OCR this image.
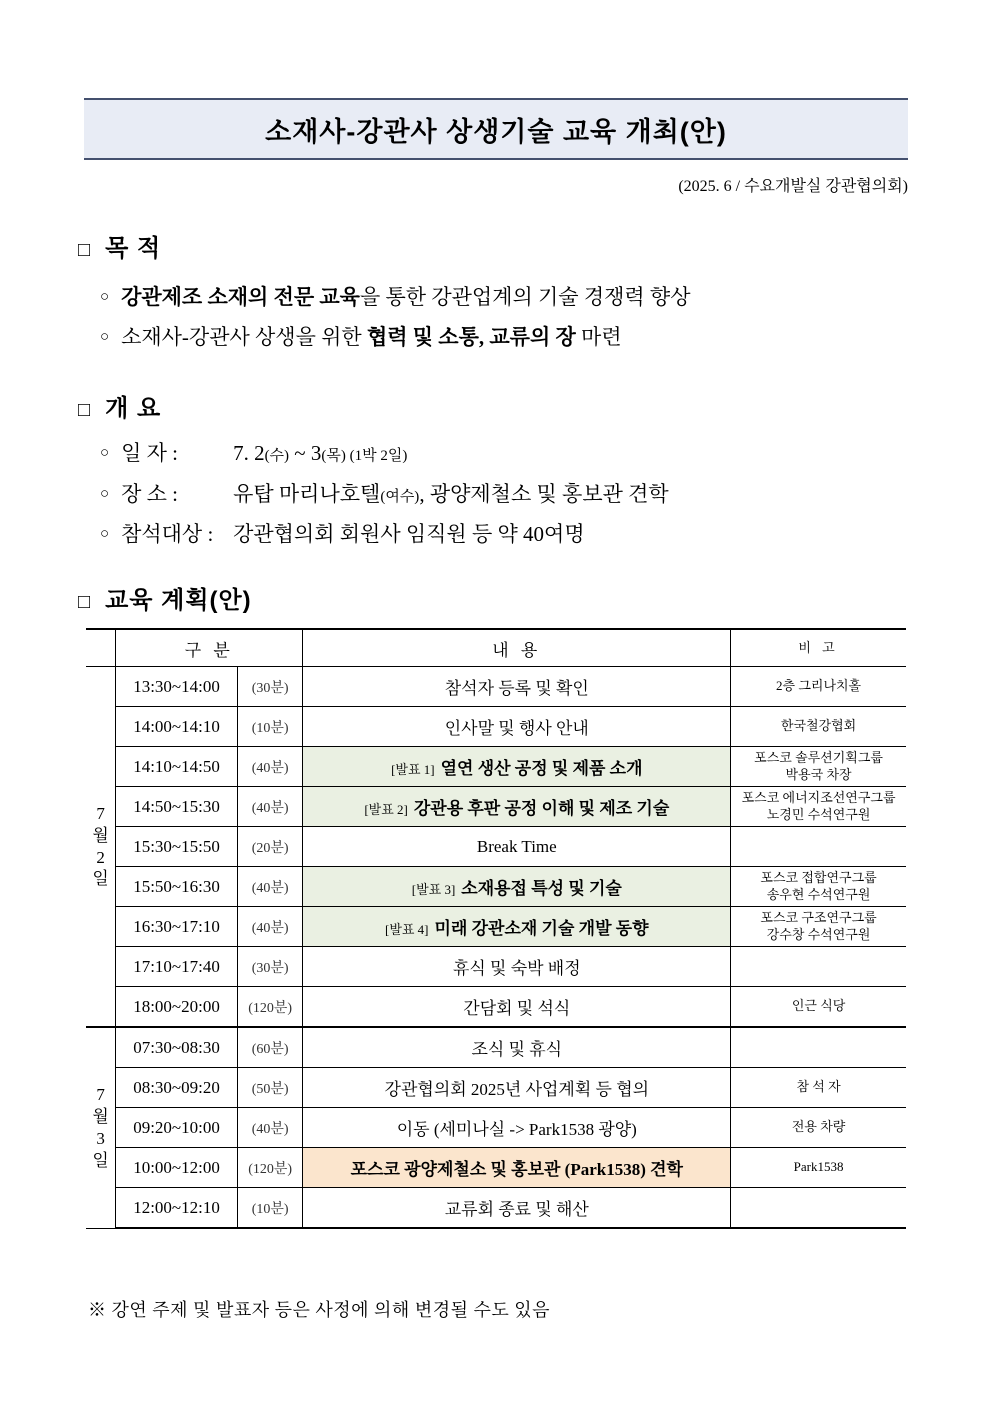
소재사-강관사 상생기술 교육 개최(안)
(2025. 6 / 수요개발실 강관협의회)
□ 목 적
○ 강관제조 소재의 전문 교육을 통한 강관업계의 기술 경쟁력 향상
○ 소재사-강관사 상생을 위한 협력 및 소통, 교류의 장 마련
□ 개 요
○ 일 자 :	7. 2(수) ~ 3(목) (1박 2일)
○ 장 소 :	유탑 마리나호텔(여수), 광양제철소 및 홍보관 견학
○ 참석대상 : 강관협의회 회원사 임직원 등 약 40여명
□ 교육 계획(안)
	구 분		내 용	비 고
7
월
2
일	13:30~14:00	(30분)	참석자 등록 및 확인	2층 그리나치홀
	14:00~14:10	(10분)	인사말 및 행사 안내	한국철강협회
	14:10~14:50	(40분)	[발표 1] 열연 생산 공정 및 제품 소개	포스코 솔루션기획그룹
박용국 차장
	14:50~15:30	(40분)	[발표 2] 강관용 후판 공정 이해 및 제조 기술	포스코 에너지조선연구그룹
노경민 수석연구원
	15:30~15:50	(20분)	Break Time	
	15:50~16:30	(40분)	[발표 3] 소재용접 특성 및 기술	포스코 접합연구그룹
송우현 수석연구원
	16:30~17:10	(40분)	[발표 4] 미래 강관소재 기술 개발 동향	포스코 구조연구그룹
강수창 수석연구원
	17:10~17:40	(30분)	휴식 및 숙박 배정	
	18:00~20:00	(120분)	간담회 및 석식	인근 식당
7
월
3
일	07:30~08:30	(60분)	조식 및 휴식	
	08:30~09:20	(50분)	강관협의회 2025년 사업계획 등 협의	참 석 자
	09:20~10:00	(40분)	이동 (세미나실 -> Park1538 광양)	전용 차량
	10:00~12:00	(120분)	포스코 광양제철소 및 홍보관 (Park1538) 견학	Park1538
	12:00~12:10	(10분)	교류회 종료 및 해산	
※ 강연 주제 및 발표자 등은 사정에 의해 변경될 수도 있음
